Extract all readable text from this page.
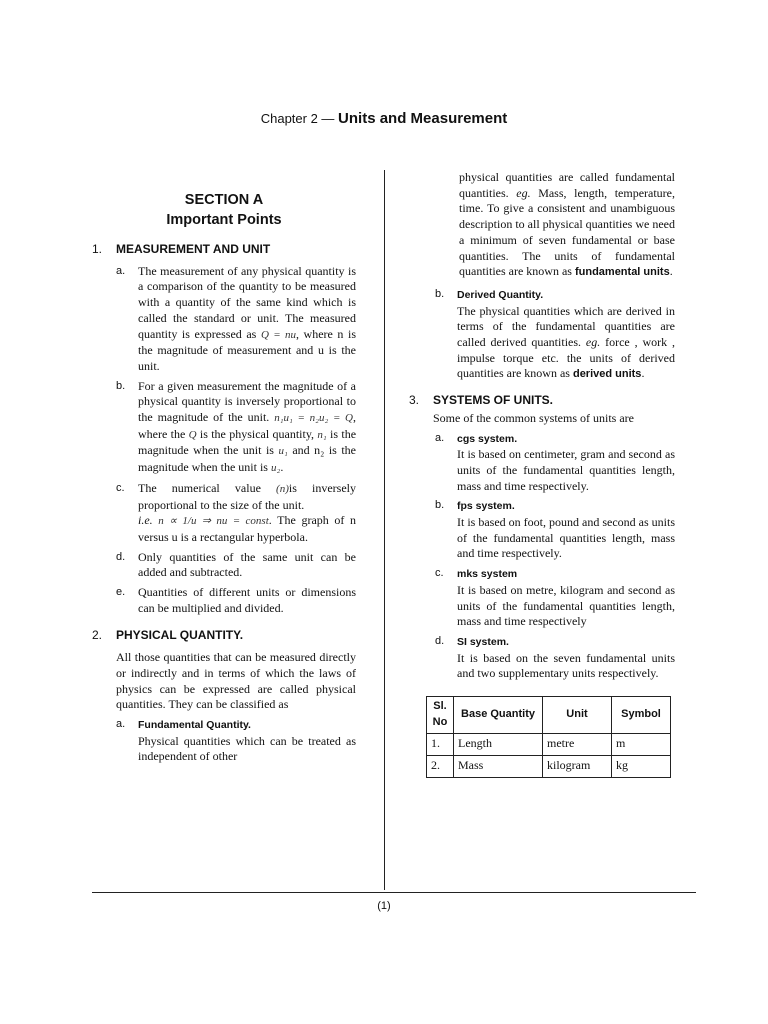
Chapter 2 — Units and Measurement
SECTION A
Important Points
1.	MEASUREMENT AND UNIT
a.	The measurement of any physical quantity is a comparison of the quantity to be measured with a quantity of the same kind which is called the standard or unit. The measured quantity is expressed as Q = nu, where n is the magnitude of measurement and u is the unit.
b.	For a given measurement the magnitude of a physical quantity is inversely proportional to the magnitude of the unit. n₁u₁ = n₂u₂ = Q, where the Q is the physical quantity, n₁ is the magnitude when the unit is u₁ and n₂ is the magnitude when the unit is u₂.
c.	The numerical value (n)is inversely proportional to the size of the unit.
i.e. n ∝ 1/u ⇒ nu = const. The graph of n versus u is a rectangular hyperbola.
d.	Only quantities of the same unit can be added and subtracted.
e.	Quantities of different units or dimensions can be multiplied and divided.
2.	PHYSICAL QUANTITY.
All those quantities that can be measured directly or indirectly and in terms of which the laws of physics can be expressed are called physical quantities. They can be classified as
a.	Fundamental Quantity.
Physical quantities which can be treated as independent of other
physical quantities are called fundamental quantities. eg. Mass, length, temperature, time. To give a consistent and unambiguous description to all physical quantities we need a minimum of seven fundamental or base quantities. The units of fundamental quantities are known as fundamental units.
b.	Derived Quantity.
The physical quantities which are derived in terms of the fundamental quantities are called derived quantities. eg. force , work , impulse torque etc. the units of derived quantities are known as derived units.
3.	SYSTEMS OF UNITS.
Some of the common systems of units are
a.	cgs system.
It is based on centimeter, gram and second as units of the fundamental quantities length, mass and time respectively.
b.	fps system.
It is based on foot, pound and second as units of the fundamental quantities length, mass and time respectively.
c.	mks system
It is based on metre, kilogram and second as units of the fundamental quantities length, mass and time respectively
d.	SI system.
It is based on the seven fundamental units and two supplementary units respectively.
Sl. No	Base Quantity	Unit	Symbol
1.	Length	metre	m
2.	Mass	kilogram	kg
(1)
